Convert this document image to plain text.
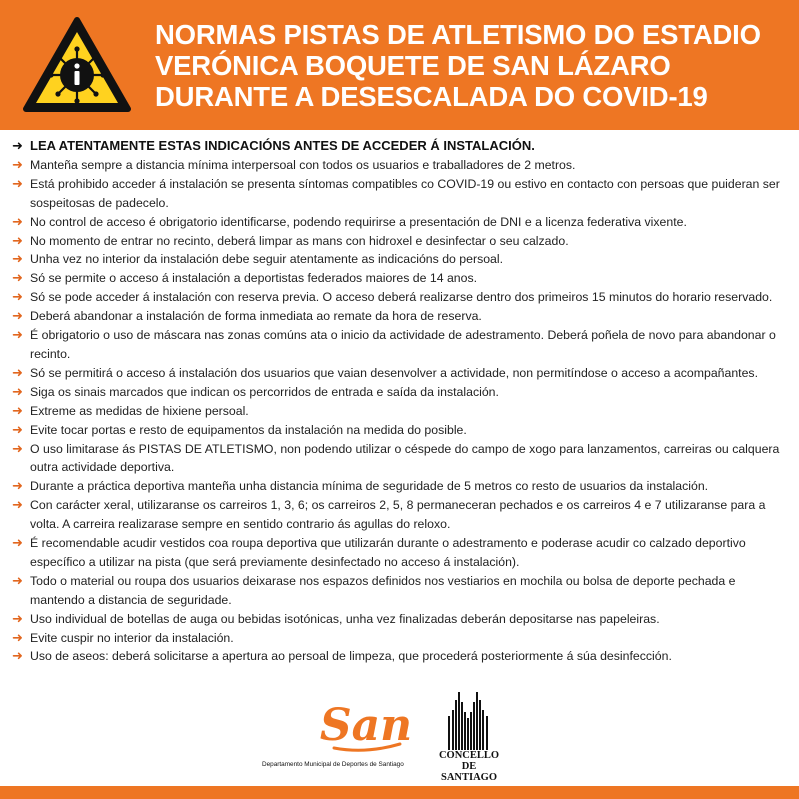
NORMAS PISTAS DE ATLETISMO DO ESTADIO
VERÓNICA BOQUETE DE SAN LÁZARO
DURANTE A DESESCALADA DO COVID-19
➜ LEA ATENTAMENTE ESTAS INDICACIÓNS ANTES DE ACCEDER Á INSTALACIÓN.
➜ Manteña sempre a distancia mínima interpersoal con todos os usuarios e traballadores de 2 metros.
➜ Está prohibido acceder á instalación se presenta síntomas compatibles co COVID-19 ou estivo en contacto con persoas que puideran ser sospeitosas de padecelo.
➜ No control de acceso é obrigatorio identificarse, podendo requirirse a presentación de DNI e a licenza federativa vixente.
➜ No momento de entrar no recinto, deberá limpar as mans con hidroxel e desinfectar o seu calzado.
➜ Unha vez no interior da instalación debe seguir atentamente as indicacións do persoal.
➜ Só se permite o acceso á instalación a deportistas federados maiores de 14 anos.
➜ Só se pode acceder á instalación con reserva previa. O acceso deberá realizarse dentro dos primeiros 15 minutos do horario reservado.
➜ Deberá abandonar a instalación de forma inmediata ao remate da hora de reserva.
➜ É obrigatorio o uso de máscara nas zonas comúns ata o inicio da actividade de adestramento. Deberá poñela de novo para abandonar o recinto.
➜ Só se permitirá o acceso á instalación dos usuarios que vaian desenvolver a actividade, non permitíndose o acceso a acompañantes.
➜ Siga os sinais marcados que indican os percorridos de entrada e saída da instalación.
➜ Extreme as medidas de hixiene persoal.
➜ Evite tocar portas e resto de equipamentos da instalación na medida do posible.
➜ O uso limitarase ás PISTAS DE ATLETISMO, non podendo utilizar o céspede do campo de xogo para lanzamentos, carreiras ou calquera outra actividade deportiva.
➜ Durante a práctica deportiva manteña unha distancia mínima de seguridade de 5 metros co resto de usuarios da instalación.
➜ Con carácter xeral, utilizaranse os carreiros 1, 3, 6; os carreiros 2, 5, 8 permaneceran pechados e os carreiros 4 e 7 utilizaranse para a volta. A carreira realizarase sempre en sentido contrario ás agullas do reloxo.
➜ É recomendable acudir vestidos coa roupa deportiva que utilizarán durante o adestramento e poderase acudir co calzado deportivo específico a utilizar na pista (que será previamente desinfectado no acceso á instalación).
➜ Todo o material ou roupa dos usuarios deixarase nos espazos definidos nos vestiarios en mochila ou bolsa de deporte pechada e mantendo a distancia de seguridade.
➜ Uso individual de botellas de auga ou bebidas isotónicas, unha vez finalizadas deberán depositarse nas papeleiras.
➜ Evite cuspir no interior da instalación.
➜ Uso de aseos: deberá solicitarse a apertura ao persoal de limpeza, que procederá posteriormente á súa desinfección.
San
Departamento Municipal de Deportes de Santiago
CONCELLO DE
SANTIAGO
